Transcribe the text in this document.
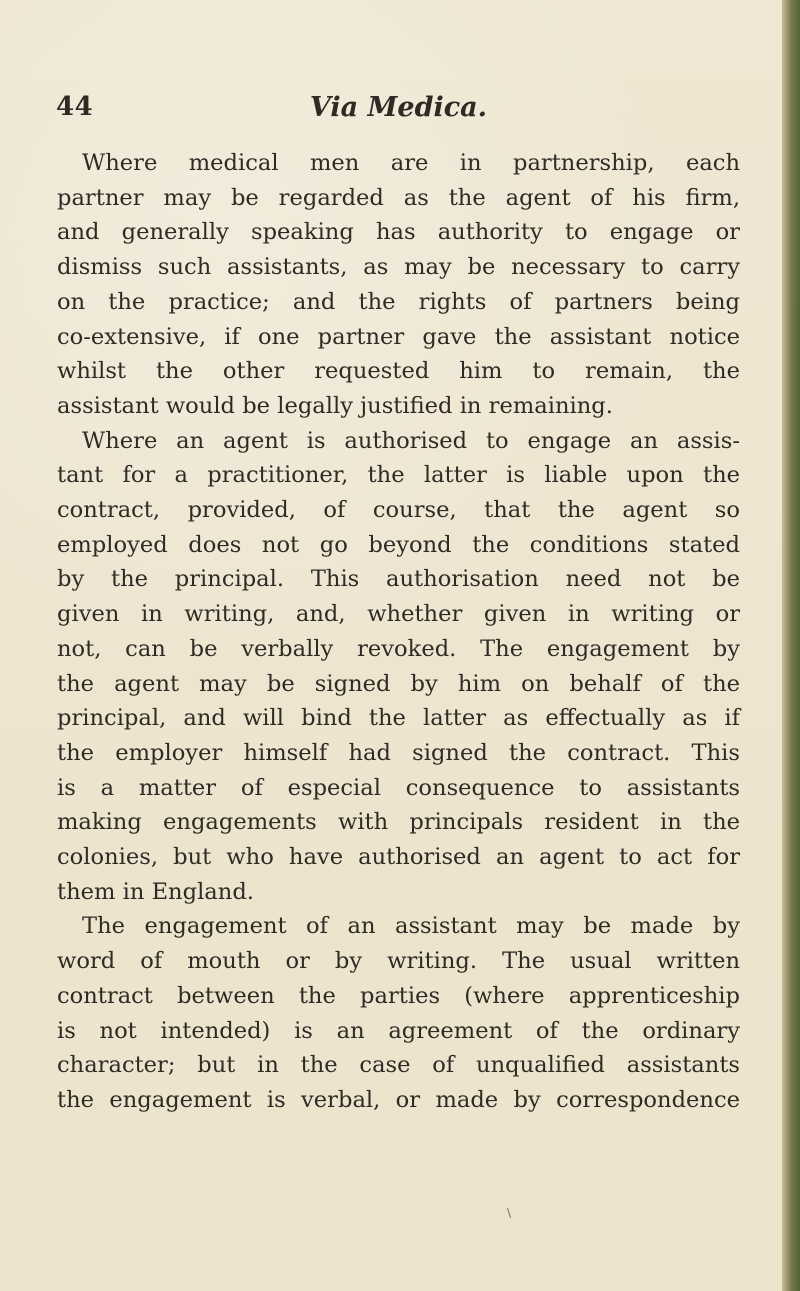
44	Via Medica.
Where medical men are in partnership, each
partner may be regarded as the agent of his firm,
and generally speaking has authority to engage or
dismiss such assistants, as may be necessary to carry
on the practice; and the rights of partners being
co-extensive, if one partner gave the assistant notice
whilst the other requested him to remain, the
assistant would be legally justified in remaining.
Where an agent is authorised to engage an assis-
tant for a practitioner, the latter is liable upon the
contract, provided, of course, that the agent so
employed does not go beyond the conditions stated
by the principal. This authorisation need not be
given in writing, and, whether given in writing or
not, can be verbally revoked. The engagement by
the agent may be signed by him on behalf of the
principal, and will bind the latter as effectually as if
the employer himself had signed the contract. This
is a matter of especial consequence to assistants
making engagements with principals resident in the
colonies, but who have authorised an agent to act for
them in England.
The engagement of an assistant may be made by
word of mouth or by writing. The usual written
contract between the parties (where apprenticeship
is not intended) is an agreement of the ordinary
character; but in the case of unqualified assistants
the engagement is verbal, or made by correspondence
\
